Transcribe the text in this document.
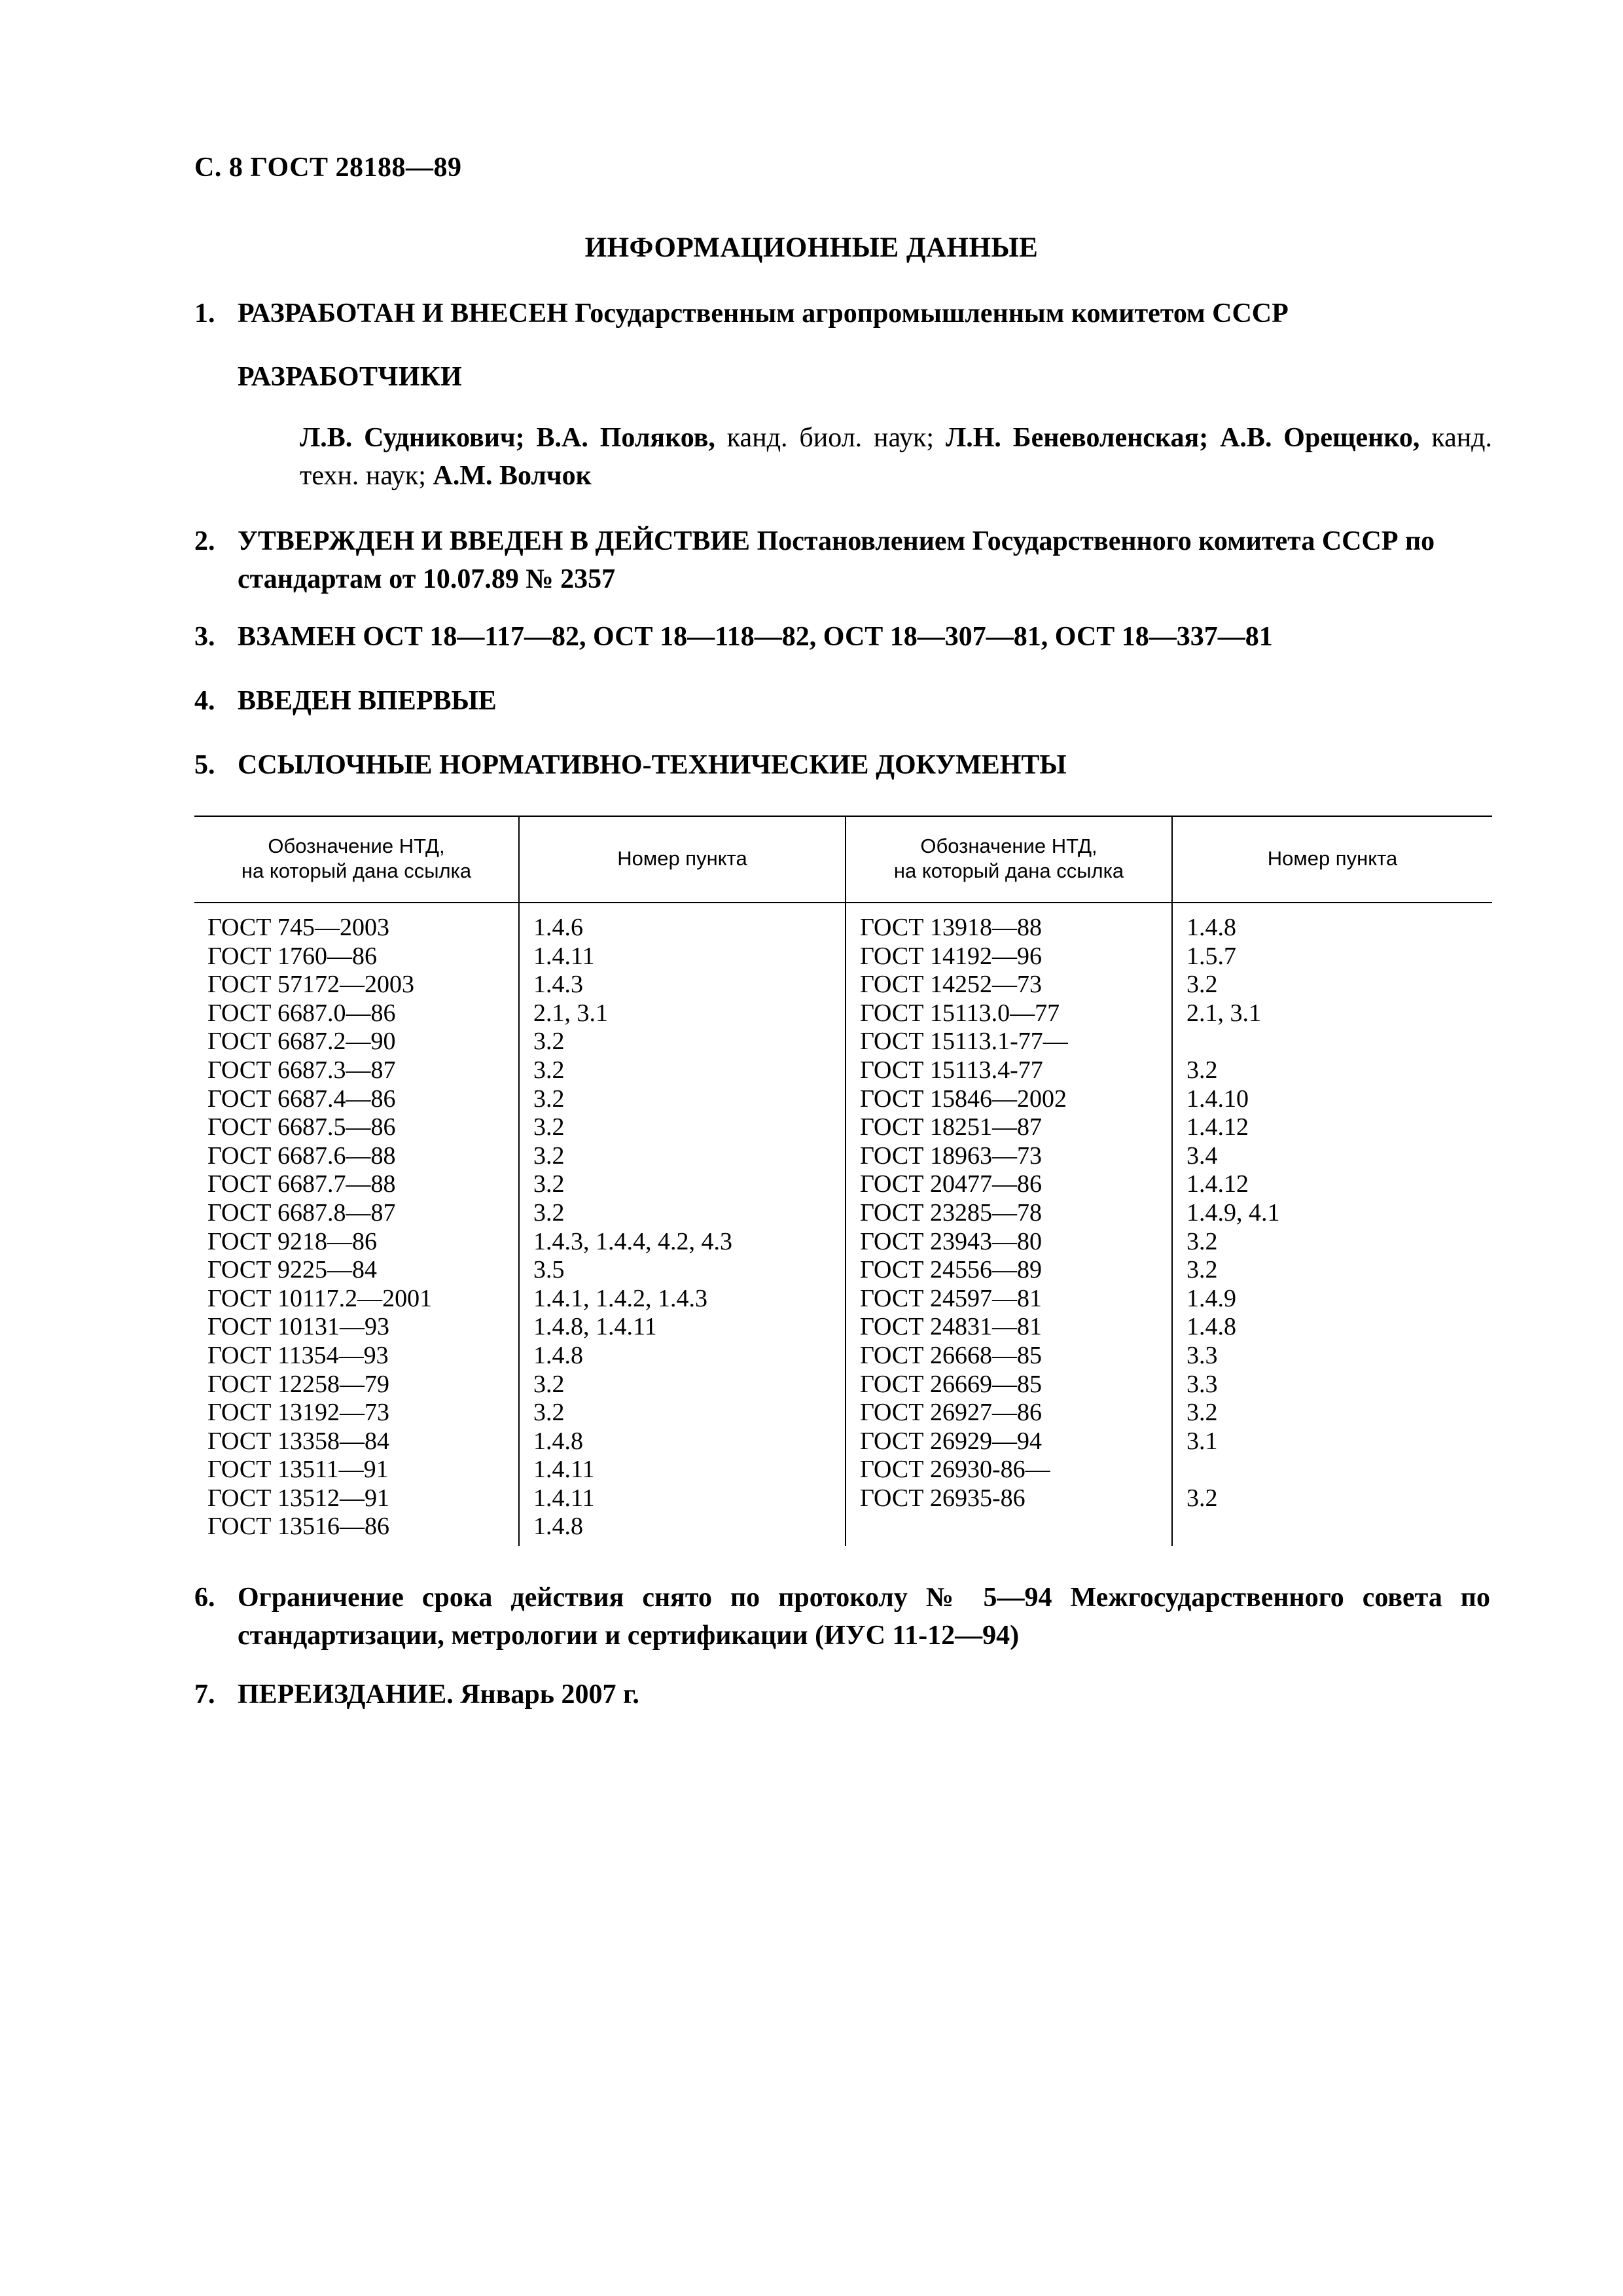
С. 8 ГОСТ 28188—89
ИНФОРМАЦИОННЫЕ ДАННЫЕ
1. РАЗРАБОТАН И ВНЕСЕН Государственным агропромышленным комитетом СССР
РАЗРАБОТЧИКИ
Л.В. Судникович; В.А. Поляков, канд. биол. наук; Л.Н. Беневоленская; А.В. Орещенко, канд. техн. наук; А.М. Волчок
2. УТВЕРЖДЕН И ВВЕДЕН В ДЕЙСТВИЕ Постановлением Государственного комитета СССР по стандартам от 10.07.89 № 2357
3. ВЗАМЕН ОСТ 18—117—82, ОСТ 18—118—82, ОСТ 18—307—81, ОСТ 18—337—81
4. ВВЕДЕН ВПЕРВЫЕ
5. ССЫЛОЧНЫЕ НОРМАТИВНО-ТЕХНИЧЕСКИЕ ДОКУМЕНТЫ
Обозначение НТД,
на который дана ссылка
Номер пункта
Обозначение НТД,
на который дана ссылка
Номер пункта
ГОСТ 745—2003
ГОСТ 1760—86
ГОСТ 57172—2003
ГОСТ 6687.0—86
ГОСТ 6687.2—90
ГОСТ 6687.3—87
ГОСТ 6687.4—86
ГОСТ 6687.5—86
ГОСТ 6687.6—88
ГОСТ 6687.7—88
ГОСТ 6687.8—87
ГОСТ 9218—86
ГОСТ 9225—84
ГОСТ 10117.2—2001
ГОСТ 10131—93
ГОСТ 11354—93
ГОСТ 12258—79
ГОСТ 13192—73
ГОСТ 13358—84
ГОСТ 13511—91
ГОСТ 13512—91
ГОСТ 13516—86
1.4.6
1.4.11
1.4.3
2.1, 3.1
3.2
3.2
3.2
3.2
3.2
3.2
3.2
1.4.3, 1.4.4, 4.2, 4.3
3.5
1.4.1, 1.4.2, 1.4.3
1.4.8, 1.4.11
1.4.8
3.2
3.2
1.4.8
1.4.11
1.4.11
1.4.8
ГОСТ 13918—88
ГОСТ 14192—96
ГОСТ 14252—73
ГОСТ 15113.0—77
ГОСТ 15113.1-77—
ГОСТ 15113.4-77
ГОСТ 15846—2002
ГОСТ 18251—87
ГОСТ 18963—73
ГОСТ 20477—86
ГОСТ 23285—78
ГОСТ 23943—80
ГОСТ 24556—89
ГОСТ 24597—81
ГОСТ 24831—81
ГОСТ 26668—85
ГОСТ 26669—85
ГОСТ 26927—86
ГОСТ 26929—94
ГОСТ 26930-86—
ГОСТ 26935-86
1.4.8
1.5.7
3.2
2.1, 3.1
3.2
1.4.10
1.4.12
3.4
1.4.12
1.4.9, 4.1
3.2
3.2
1.4.9
1.4.8
3.3
3.3
3.2
3.1
3.2
6. Ограничение срока действия снято по протоколу № 5—94 Межгосударственного совета по стандартизации, метрологии и сертификации (ИУС 11-12—94)
7. ПЕРЕИЗДАНИЕ. Январь 2007 г.
